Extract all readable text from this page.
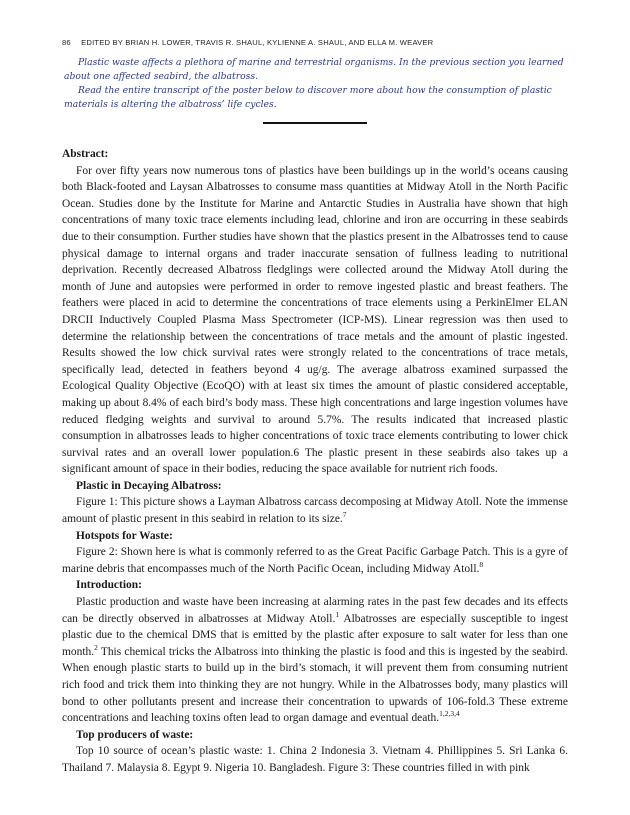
86 EDITED BY BRIAN H. LOWER, TRAVIS R. SHAUL, KYLIENNE A. SHAUL, AND ELLA M. WEAVER

Plastic waste affects a plethora of marine and terrestrial organisms. In the previous section you learned about one affected seabird, the albatross.

Read the entire transcript of the poster below to discover more about how the consumption of plastic materials is altering the albatross’ life cycles.

Abstract:

For over fifty years now numerous tons of plastics have been buildings up in the world’s oceans causing both Black-footed and Laysan Albatrosses to consume mass quantities at Midway Atoll in the North Pacific Ocean. Studies done by the Institute for Marine and Antarctic Studies in Australia have shown that high concentrations of many toxic trace elements including lead, chlorine and iron are occurring in these seabirds due to their consumption. Further studies have shown that the plastics present in the Albatrosses tend to cause physical damage to internal organs and trader inaccurate sensation of fullness leading to nutritional deprivation. Recently decreased Albatross fledglings were collected around the Midway Atoll during the month of June and autopsies were performed in order to remove ingested plastic and breast feathers. The feathers were placed in acid to determine the concentrations of trace elements using a PerkinElmer ELAN DRCII Inductively Coupled Plasma Mass Spectrometer (ICP-MS). Linear regression was then used to determine the relationship between the concentrations of trace metals and the amount of plastic ingested. Results showed the low chick survival rates were strongly related to the concentrations of trace metals, specifically lead, detected in feathers beyond 4 ug/g. The average albatross examined surpassed the Ecological Quality Objective (EcoQO) with at least six times the amount of plastic considered acceptable, making up about 8.4% of each bird’s body mass. These high concentrations and large ingestion volumes have reduced fledging weights and survival to around 5.7%. The results indicated that increased plastic consumption in albatrosses leads to higher concentrations of toxic trace elements contributing to lower chick survival rates and an overall lower population.6 The plastic present in these seabirds also takes up a significant amount of space in their bodies, reducing the space available for nutrient rich foods.

Plastic in Decaying Albatross:

Figure 1: This picture shows a Layman Albatross carcass decomposing at Midway Atoll. Note the immense amount of plastic present in this seabird in relation to its size.$^7$

Hotspots for Waste:

Figure 2: Shown here is what is commonly referred to as the Great Pacific Garbage Patch. This is a gyre of marine debris that encompasses much of the North Pacific Ocean, including Midway Atoll.$^8$

Introduction:

Plastic production and waste have been increasing at alarming rates in the past few decades and its effects can be directly observed in albatrosses at Midway Atoll.$^1$ Albatrosses are especially susceptible to ingest plastic due to the chemical DMS that is emitted by the plastic after exposure to salt water for less than one month.$^2$ This chemical tricks the Albatross into thinking the plastic is food and this is ingested by the seabird. When enough plastic starts to build up in the bird’s stomach, it will prevent them from consuming nutrient rich food and trick them into thinking they are not hungry. While in the Albatrosses body, many plastics will bond to other pollutants present and increase their concentration to upwards of 106-fold.3 These extreme concentrations and leaching toxins often lead to organ damage and eventual death.$^{1,2,3,4}$

Top producers of waste:

Top 10 source of ocean’s plastic waste: 1. China 2 Indonesia 3. Vietnam 4. Phillippines 5. Sri Lanka 6. Thailand 7. Malaysia 8. Egypt 9. Nigeria 10. Bangladesh. Figure 3: These countries filled in with pink
